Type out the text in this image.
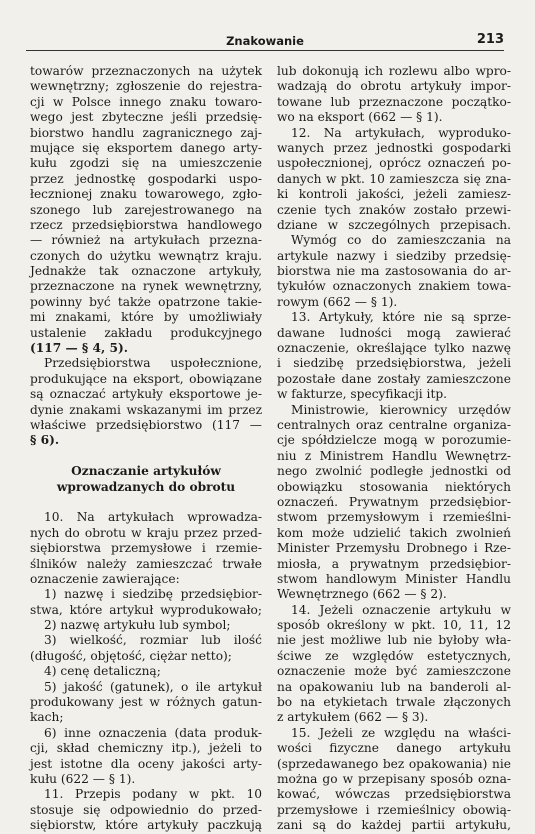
Znakowanie	213
towarów przeznaczonych na użytek
wewnętrzny; zgłoszenie do rejestra-
cji w Polsce innego znaku towaro-
wego jest zbyteczne jeśli przedsię-
biorstwo handlu zagranicznego zaj-
mujące się eksportem danego arty-
kułu zgodzi się na umieszczenie
przez jednostkę gospodarki uspo-
łecznionej znaku towarowego, zgło-
szonego lub zarejestrowanego na
rzecz przedsiębiorstwa handlowego
— również na artykułach przezna-
czonych do użytku wewnątrz kraju.
Jednakże tak oznaczone artykuły,
przeznaczone na rynek wewnętrzny,
powinny być także opatrzone takie-
mi znakami, które by umożliwiały
ustalenie zakładu produkcyjnego
(117 — § 4, 5).
Przedsiębiorstwa uspołecznione,
produkujące na eksport, obowiązane
są oznaczać artykuły eksportowe je-
dynie znakami wskazanymi im przez
właściwe przedsiębiorstwo (117 —
§ 6).
Oznaczanie artykułów
wprowadzanych do obrotu
10. Na artykułach wprowadza-
nych do obrotu w kraju przez przed-
siębiorstwa przemysłowe i rzemie-
ślników należy zamieszczać trwałe
oznaczenie zawierające:
1) nazwę i siedzibę przedsiębior-
stwa, które artykuł wyprodukowało;
2) nazwę artykułu lub symbol;
3) wielkość, rozmiar lub ilość
(długość, objętość, ciężar netto);
4) cenę detaliczną;
5) jakość (gatunek), o ile artykuł
produkowany jest w różnych gatun-
kach;
6) inne oznaczenia (data produk-
cji, skład chemiczny itp.), jeżeli to
jest istotne dla oceny jakości arty-
kułu (622 — § 1).
11. Przepis podany w pkt. 10
stosuje się odpowiednio do przed-
siębiorstw, które artykuły paczkują
lub dokonują ich rozlewu albo wpro-
wadzają do obrotu artykuły impor-
towane lub przeznaczone początko-
wo na eksport (662 — § 1).
12. Na artykułach, wyproduko-
wanych przez jednostki gospodarki
uspołecznionej, oprócz oznaczeń po-
danych w pkt. 10 zamieszcza się zna-
ki kontroli jakości, jeżeli zamiesz-
czenie tych znaków zostało przewi-
dziane w szczególnych przepisach.
Wymóg co do zamieszczania na
artykule nazwy i siedziby przedsię-
biorstwa nie ma zastosowania do ar-
tykułów oznaczonych znakiem towa-
rowym (662 — § 1).
13. Artykuły, które nie są sprze-
dawane ludności mogą zawierać
oznaczenie, określające tylko nazwę
i siedzibę przedsiębiorstwa, jeżeli
pozostałe dane zostały zamieszczone
w fakturze, specyfikacji itp.
Ministrowie, kierownicy urzędów
centralnych oraz centralne organiza-
cje spółdzielcze mogą w porozumie-
niu z Ministrem Handlu Wewnętrz-
nego zwolnić podległe jednostki od
obowiązku stosowania niektórych
oznaczeń. Prywatnym przedsiębior-
stwom przemysłowym i rzemieślni-
kom może udzielić takich zwolnień
Minister Przemysłu Drobnego i Rze-
miosła, a prywatnym przedsiębior-
stwom handlowym Minister Handlu
Wewnętrznego (662 — § 2).
14. Jeżeli oznaczenie artykułu w
sposób określony w pkt. 10, 11, 12
nie jest możliwe lub nie byłoby wła-
ściwe ze względów estetycznych,
oznaczenie może być zamieszczone
na opakowaniu lub na banderoli al-
bo na etykietach trwale złączonych
z artykułem (662 — § 3).
15. Jeżeli ze względu na właści-
wości fizyczne danego artykułu
(sprzedawanego bez opakowania) nie
można go w przepisany sposób ozna-
kować, wówczas przedsiębiorstwa
przemysłowe i rzemieślnicy obowią-
zani są do każdej partii artykułu,
